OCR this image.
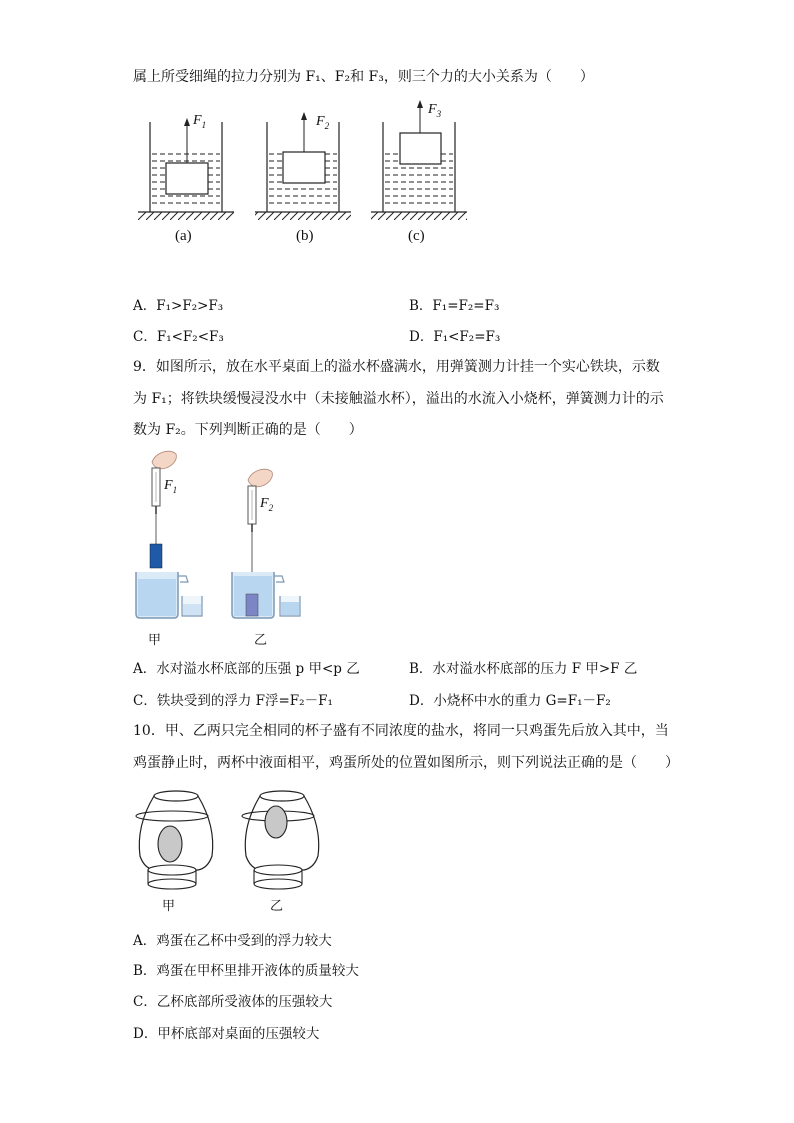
属上所受细绳的拉力分别为 F₁、F₂和 F₃，则三个力的大小关系为（　　）
$F_1$	$F_2$
$F_3$
(a)	(b)	(c)
A．F₁>F₂>F₃	B．F₁=F₂=F₃
C．F₁<F₂<F₃	D．F₁<F₂=F₃
9．如图所示，放在水平桌面上的溢水杯盛满水，用弹簧测力计挂一个实心铁块，示数
为 F₁；将铁块缓慢浸没水中（未接触溢水杯），溢出的水流入小烧杯，弹簧测力计的示
数为 F₂。下列判断正确的是（　　）
$F_1$
$F_2$
甲	乙
A．水对溢水杯底部的压强 p 甲<p 乙	B．水对溢水杯底部的压力 F 甲>F 乙
C．铁块受到的浮力 F浮=F₂－F₁	D．小烧杯中水的重力 G=F₁－F₂
10．甲、乙两只完全相同的杯子盛有不同浓度的盐水，将同一只鸡蛋先后放入其中，当
鸡蛋静止时，两杯中液面相平，鸡蛋所处的位置如图所示，则下列说法正确的是（　　）
甲	乙
A．鸡蛋在乙杯中受到的浮力较大
B．鸡蛋在甲杯里排开液体的质量较大
C．乙杯底部所受液体的压强较大
D．甲杯底部对桌面的压强较大
